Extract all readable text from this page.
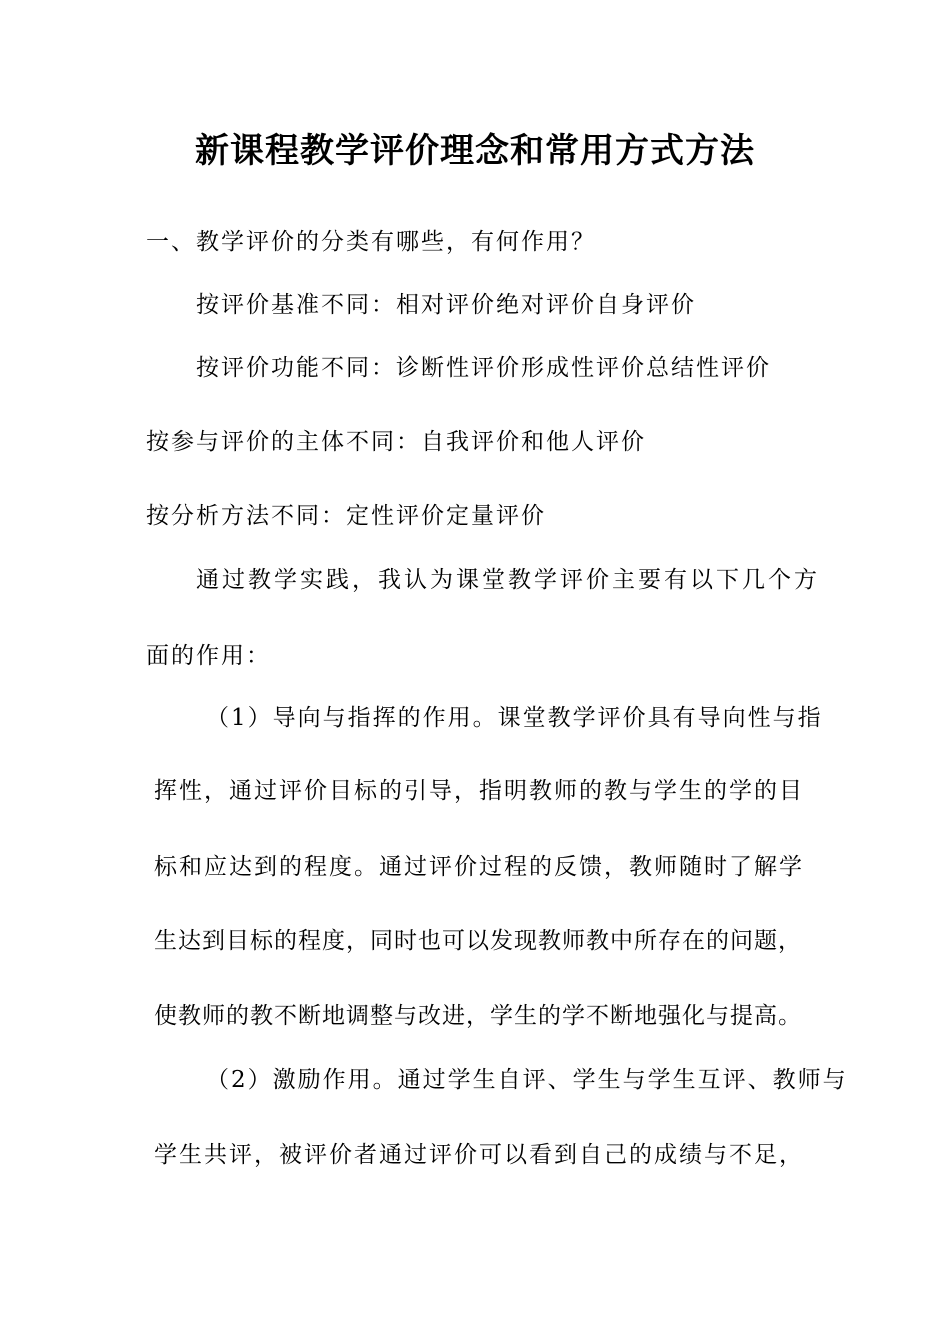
新课程教学评价理念和常用方式方法
一、教学评价的分类有哪些，有何作用？
按评价基准不同：相对评价绝对评价自身评价
按评价功能不同：诊断性评价形成性评价总结性评价
按参与评价的主体不同：自我评价和他人评价
按分析方法不同：定性评价定量评价
通过教学实践，我认为课堂教学评价主要有以下几个方
面的作用：
（1）导向与指挥的作用。课堂教学评价具有导向性与指
挥性，通过评价目标的引导，指明教师的教与学生的学的目
标和应达到的程度。通过评价过程的反馈，教师随时了解学
生达到目标的程度，同时也可以发现教师教中所存在的问题，
使教师的教不断地调整与改进，学生的学不断地强化与提高。
（2）激励作用。通过学生自评、学生与学生互评、教师与
学生共评，被评价者通过评价可以看到自己的成绩与不足，
